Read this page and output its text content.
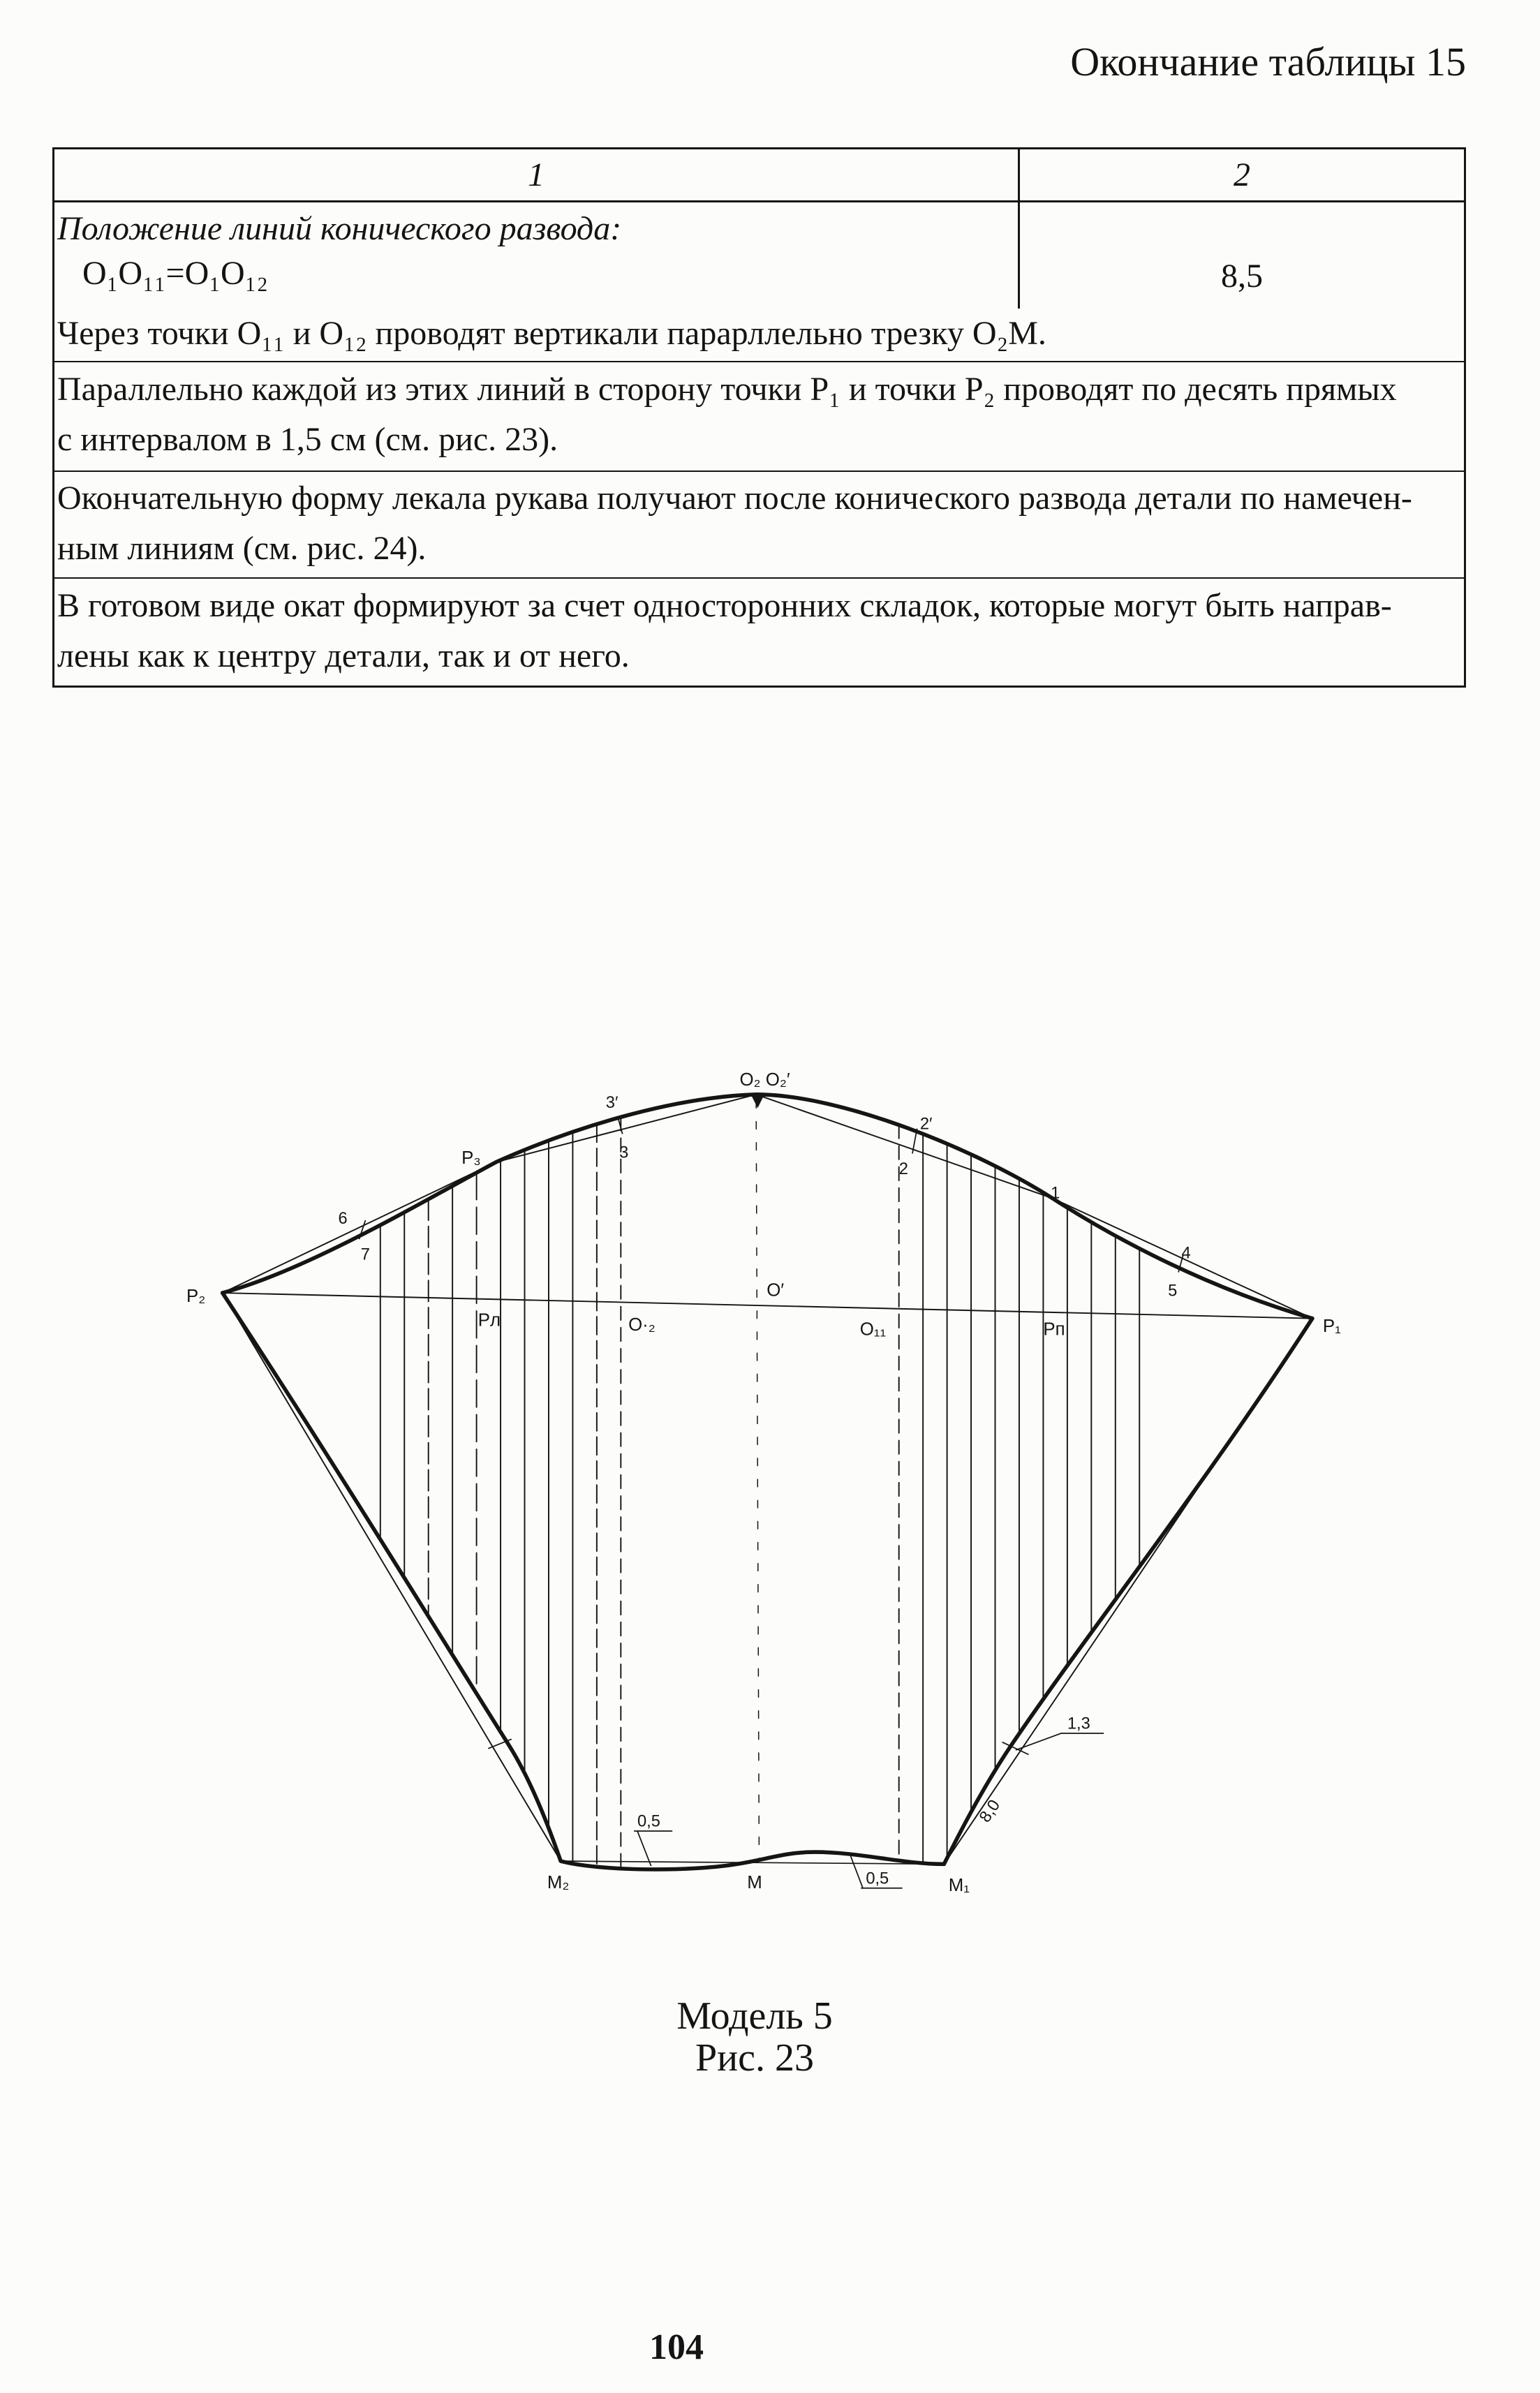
Окончание таблицы 15
1	2
Положение линий конического развода:
O₁O₁₁=O₁O₁₂	8,5
Через точки O₁₁ и O₁₂ проводят вертикали парарллельно трезку O₂M.
Параллельно каждой из этих линий в сторону точки P₁ и точки P₂ проводят по десять прямых
с интервалом в 1,5 см (см. рис. 23).
Окончательную форму лекала рукава получают после конического развода детали по намечен-
ным линиям (см. рис. 24).
В готовом виде окат формируют за счет односторонних складок, которые могут быть направ-
лены как к центру детали, так и от него.
O₂ O₂′
P₃
P₂
P₁
3′
3
2′
2
1
4
5
6
7
Рл	O·₂
O′
O₁₁	Рп
M₂	M	M₁
0,5
0,5
1,3
8,0
Модель 5
Рис. 23
104
